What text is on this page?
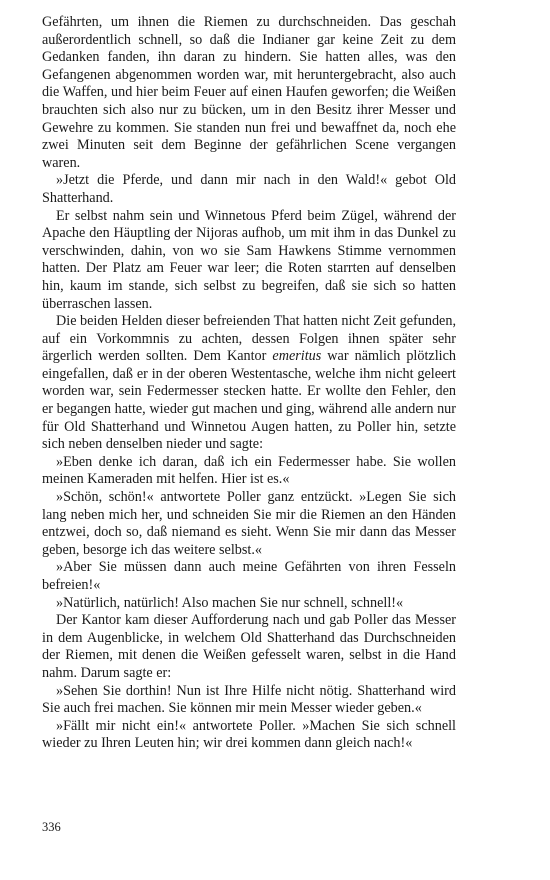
Gefährten, um ihnen die Riemen zu durchschneiden. Das geschah außerordentlich schnell, so daß die Indianer gar keine Zeit zu dem Gedanken fanden, ihn daran zu hindern. Sie hatten alles, was den Gefangenen abgenommen worden war, mit heruntergebracht, also auch die Waffen, und hier beim Feuer auf einen Haufen geworfen; die Weißen brauchten sich also nur zu bücken, um in den Besitz ihrer Messer und Gewehre zu kommen. Sie standen nun frei und bewaffnet da, noch ehe zwei Minuten seit dem Beginne der gefährlichen Scene vergangen waren.

»Jetzt die Pferde, und dann mir nach in den Wald!« gebot Old Shatterhand.

Er selbst nahm sein und Winnetous Pferd beim Zügel, während der Apache den Häuptling der Nijoras aufhob, um mit ihm in das Dunkel zu verschwinden, dahin, von wo sie Sam Hawkens Stimme vernommen hatten. Der Platz am Feuer war leer; die Roten starrten auf denselben hin, kaum im stande, sich selbst zu begreifen, daß sie sich so hatten überraschen lassen.

Die beiden Helden dieser befreienden That hatten nicht Zeit gefunden, auf ein Vorkommnis zu achten, dessen Folgen ihnen später sehr ärgerlich werden sollten. Dem Kantor emeritus war nämlich plötzlich eingefallen, daß er in der oberen Westentasche, welche ihm nicht geleert worden war, sein Federmesser stecken hatte. Er wollte den Fehler, den er begangen hatte, wieder gut machen und ging, während alle andern nur für Old Shatterhand und Winnetou Augen hatten, zu Poller hin, setzte sich neben denselben nieder und sagte:

»Eben denke ich daran, daß ich ein Federmesser habe. Sie wollen meinen Kameraden mit helfen. Hier ist es.«

»Schön, schön!« antwortete Poller ganz entzückt. »Legen Sie sich lang neben mich her, und schneiden Sie mir die Riemen an den Händen entzwei, doch so, daß niemand es sieht. Wenn Sie mir dann das Messer geben, besorge ich das weitere selbst.«

»Aber Sie müssen dann auch meine Gefährten von ihren Fesseln befreien!«

»Natürlich, natürlich! Also machen Sie nur schnell, schnell!«

Der Kantor kam dieser Aufforderung nach und gab Poller das Messer in dem Augenblicke, in welchem Old Shatterhand das Durchschneiden der Riemen, mit denen die Weißen gefesselt waren, selbst in die Hand nahm. Darum sagte er:

»Sehen Sie dorthin! Nun ist Ihre Hilfe nicht nötig. Shatterhand wird Sie auch frei machen. Sie können mir mein Messer wieder geben.«

»Fällt mir nicht ein!« antwortete Poller. »Machen Sie sich schnell wieder zu Ihren Leuten hin; wir drei kommen dann gleich nach!«

336
